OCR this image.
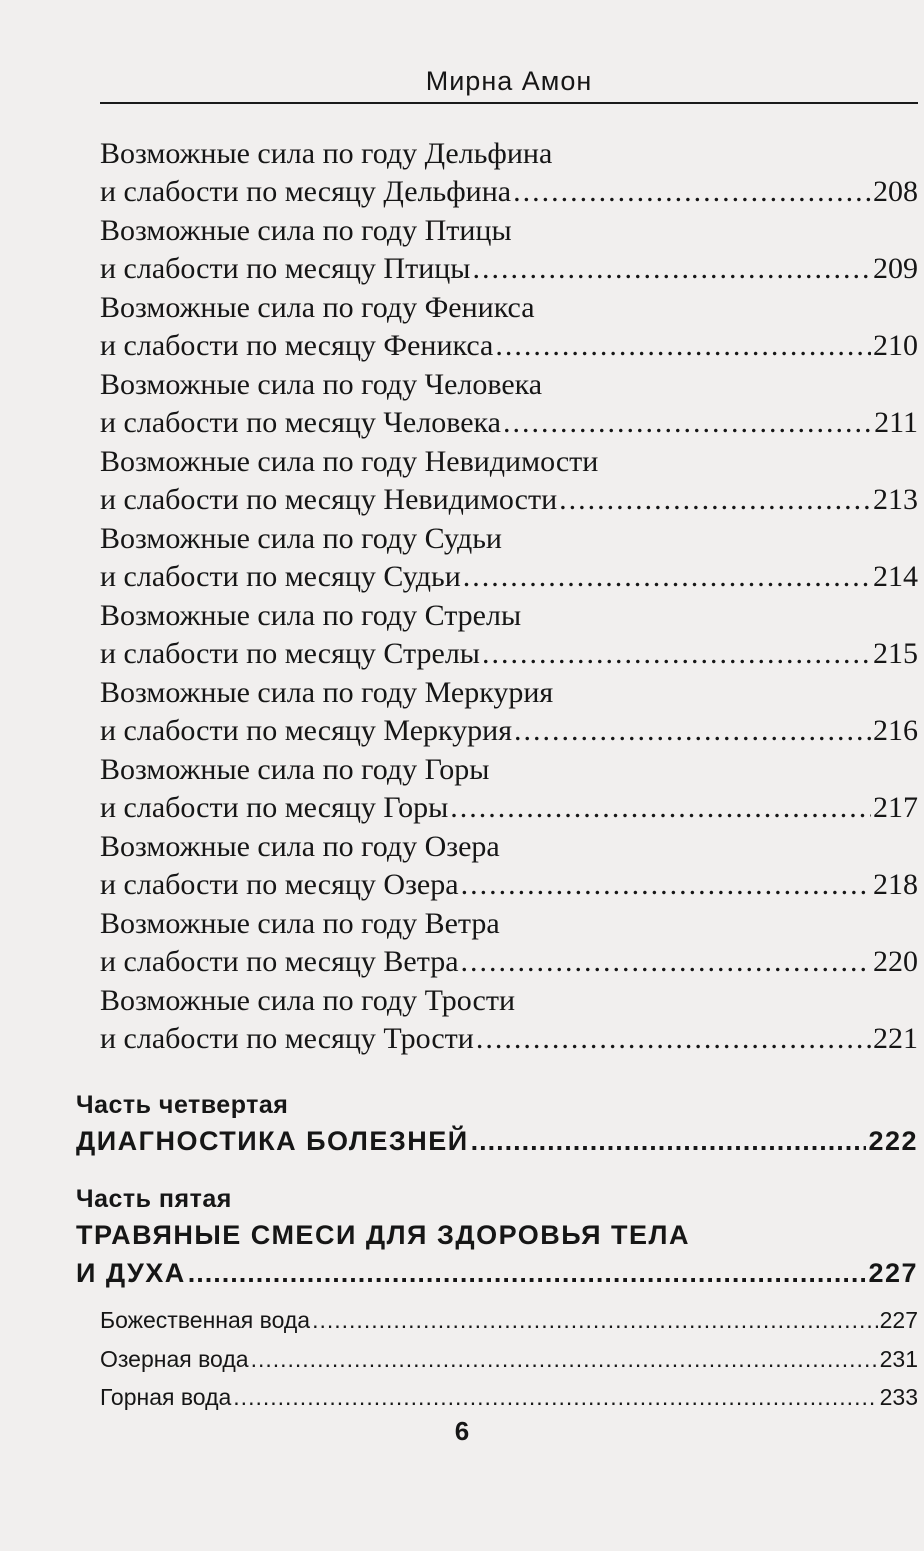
Мирна Амон
Возможные сила по году Дельфина
и слабости по месяцу Дельфина .....	208
Возможные сила по году Птицы
и слабости по месяцу Птицы .....	209
Возможные сила по году Феникса
и слабости по месяцу Феникса .....	210
Возможные сила по году Человека
и слабости по месяцу Человека .....	211
Возможные сила по году Невидимости
и слабости по месяцу Невидимости .....	213
Возможные сила по году Судьи
и слабости по месяцу Судьи .....	214
Возможные сила по году Стрелы
и слабости по месяцу Стрелы .....	215
Возможные сила по году Меркурия
и слабости по месяцу Меркурия .....	216
Возможные сила по году Горы
и слабости по месяцу Горы .....	217
Возможные сила по году Озера
и слабости по месяцу Озера .....	218
Возможные сила по году Ветра
и слабости по месяцу Ветра .....	220
Возможные сила по году Трости
и слабости по месяцу Трости .....	221
Часть четвертая
ДИАГНОСТИКА БОЛЕЗНЕЙ .....	222
Часть пятая
ТРАВЯНЫЕ СМЕСИ ДЛЯ ЗДОРОВЬЯ ТЕЛА
И ДУХА .....	227
Божественная вода .....	227
Озерная вода .....	231
Горная вода .....	233
6
